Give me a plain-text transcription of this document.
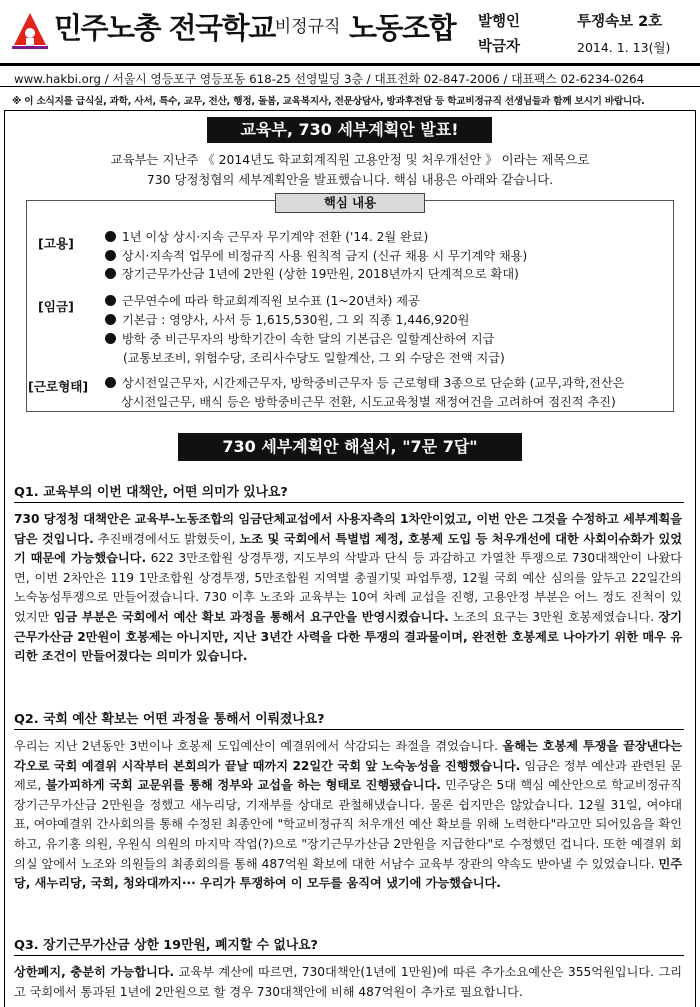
민주노총 전국학교$^{비정규직}$ 노동조합 발행인
박금자
투쟁속보 2호
2014. 1. 13(월)
www.hakbi.org / 서울시 영등포구 영등포동 618-25 선영빌딩 3층 / 대표전화 02-847-2006 / 대표팩스 02-6234-0264
※ 이 소식지를 급식실, 과학, 사서, 특수, 교무, 전산, 행정, 돌봄, 교육복지사, 전문상담사, 방과후전담 등 학교비정규직 선생님들과 함께 보시기 바랍니다.
교육부, 730 세부계획안 발표!
교육부는 지난주 《 2014년도 학교회계직원 고용안정 및 처우개선안 》 이라는 제목으로
730 당정청협의 세부계획안을 발표했습니다. 핵심 내용은 아래와 같습니다.
핵심 내용
[고용]	1년 이상 상시·지속 근무자 무기계약 전환 ('14. 2월 완료)
상시·지속적 업무에 비정규직 사용 원칙적 금지 (신규 채용 시 무기계약 채용)
장기근무가산금 1년에 2만원 (상한 19만원, 2018년까지 단계적으로 확대)
[임금]	근무연수에 따라 학교회계직원 보수표 (1~20년차) 제공
기본급 : 영양사, 사서 등 1,615,530원, 그 외 직종 1,446,920원
방학 중 비근무자의 방학기간이 속한 달의 기본급은 일할계산하여 지급
(교통보조비, 위험수당, 조리사수당도 일할계산, 그 외 수당은 전액 지급)
[근로형태]	상시전일근무자, 시간제근무자, 방학중비근무자 등 근로형태 3종으로 단순화 (교무,과학,전산은
상시전일근무, 배식 등은 방학중비근무 전환, 시도교육청별 재정여건을 고려하여 점진적 추진)
730 세부계획안 해설서, "7문 7답"
Q1. 교육부의 이번 대책안, 어떤 의미가 있나요?
730 당정청 대책안은 교육부-노동조합의 임금단체교섭에서 사용자측의 1차안이었고, 이번 안은 그것을 수정하고 세부계획을 담은 것입니다. 추진배경에서도 밝혔듯이, 노조 및 국회에서 특별법 제정, 호봉제 도입 등 처우개선에 대한 사회이슈화가 있었기 때문에 가능했습니다. 622 3만조합원 상경투쟁, 지도부의 삭발과 단식 등 과감하고 가열찬 투쟁으로 730대책안이 나왔다면, 이번 2차안은 119 1만조합원 상경투쟁, 5만조합원 지역별 총궐기및 파업투쟁, 12월 국회 예산 심의를 앞두고 22일간의 노숙농성투쟁으로 만들어졌습니다. 730 이후 노조와 교육부는 10여 차례 교섭을 진행, 고용안정 부분은 어느 정도 진척이 있었지만 임금 부분은 국회에서 예산 확보 과정을 통해서 요구안을 반영시켰습니다. 노조의 요구는 3만원 호봉제였습니다. 장기근무가산금 2만원이 호봉제는 아니지만, 지난 3년간 사력을 다한 투쟁의 결과물이며, 완전한 호봉제로 나아가기 위한 매우 유리한 조건이 만들어졌다는 의미가 있습니다.
Q2. 국회 예산 확보는 어떤 과정을 통해서 이뤄졌나요?
우리는 지난 2년동안 3번이나 호봉제 도입예산이 예결위에서 삭감되는 좌절을 겪었습니다. 올해는 호봉제 투쟁을 끝장낸다는 각오로 국회 예결위 시작부터 본회의가 끝날 때까지 22일간 국회 앞 노숙농성을 진행했습니다. 임금은 정부 예산과 관련된 문제로, 불가피하게 국회 교문위를 통해 정부와 교섭을 하는 형태로 진행됐습니다. 민주당은 5대 핵심 예산안으로 학교비정규직 장기근무가산금 2만원을 정했고 새누리당, 기재부를 상대로 관철해냈습니다. 물론 쉽지만은 않았습니다. 12월 31일, 여야대표, 여야예결위 간사회의를 통해 수정된 최종안에 "학교비정규직 처우개선 예산 확보를 위해 노력한다"라고만 되어있음을 확인하고, 유기홍 의원, 우원식 의원의 마지막 작업(?)으로 "장기근무가산금 2만원을 지급한다"로 수정했던 겁니다. 또한 예결위 회의실 앞에서 노조와 의원들의 최종회의를 통해 487억원 확보에 대한 서남수 교육부 장관의 약속도 받아낼 수 있었습니다. 민주당, 새누리당, 국회, 청와대까지··· 우리가 투쟁하여 이 모두를 움직여 냈기에 가능했습니다.
Q3. 장기근무가산금 상한 19만원, 폐지할 수 없나요?
상한폐지, 충분히 가능합니다. 교육부 계산에 따르면, 730대책안(1년에 1만원)에 따른 추가소요예산은 355억원입니다. 그리고 국회에서 통과된 1년에 2만원으로 할 경우 730대책안에 비해 487억원이 추가로 필요합니다.
